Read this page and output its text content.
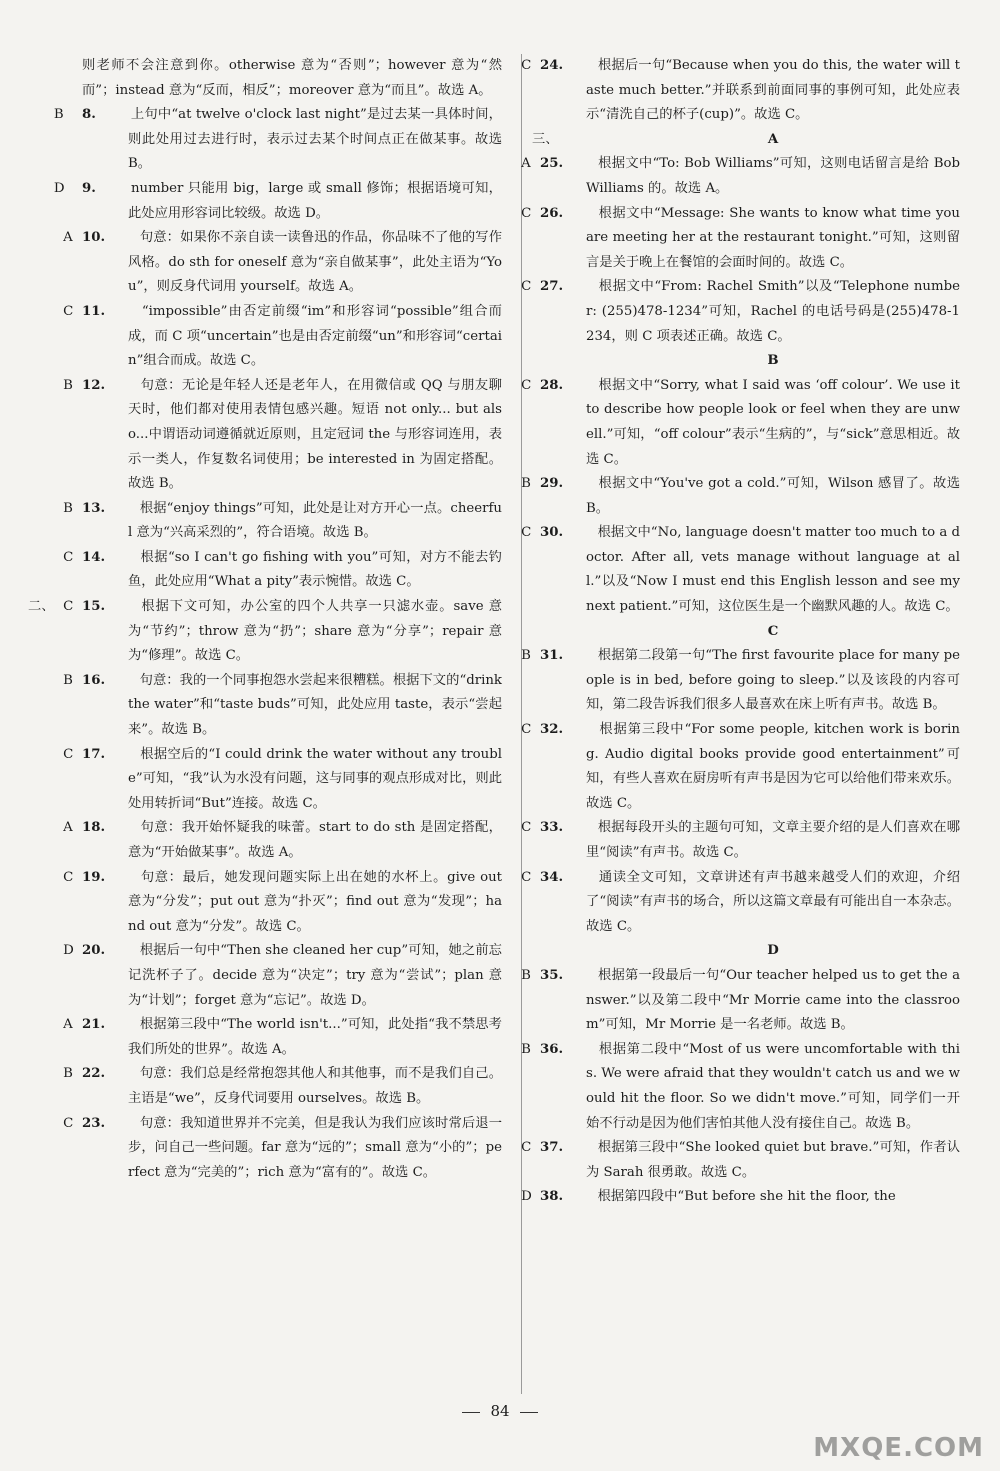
则老师不会注意到你。otherwise 意为“否则”；however 意为“然而”；instead 意为“反而，相反”；moreover 意为“而且”。故选 A。

8.B	上句中“at twelve o'clock last night”是过去某一具体时间，则此处用过去进行时，表示过去某个时间点正在做某事。故选 B。

9.D	number 只能用 big，large 或 small 修饰；根据语境可知，此处应用形容词比较级。故选 D。

10.A	句意：如果你不亲自读一读鲁迅的作品，你品味不了他的写作风格。do sth for oneself 意为“亲自做某事”，此处主语为“You”，则反身代词用 yourself。故选 A。

11.C	“impossible”由否定前缀“im”和形容词“possible”组合而成，而 C 项“uncertain”也是由否定前缀“un”和形容词“certain”组合而成。故选 C。

12.B	句意：无论是年轻人还是老年人，在用微信或 QQ 与朋友聊天时，他们都对使用表情包感兴趣。短语 not only... but also...中谓语动词遵循就近原则，且定冠词 the 与形容词连用，表示一类人，作复数名词使用；be interested in 为固定搭配。故选 B。

13.B	根据“enjoy things”可知，此处是让对方开心一点。cheerful 意为“兴高采烈的”，符合语境。故选 B。

14.C	根据“so I can't go fishing with you”可知，对方不能去钓鱼，此处应用“What a pity”表示惋惜。故选 C。

二、 15.C	根据下文可知，办公室的四个人共享一只滤水壶。save 意为“节约”；throw 意为“扔”；share 意为“分享”；repair 意为“修理”。故选 C。

16.B	句意：我的一个同事抱怨水尝起来很糟糕。根据下文的“drink the water”和“taste buds”可知，此处应用 taste，表示“尝起来”。故选 B。

17.C	根据空后的“I could drink the water without any trouble”可知，“我”认为水没有问题，这与同事的观点形成对比，则此处用转折词“But”连接。故选 C。

18.A	句意：我开始怀疑我的味蕾。start to do sth 是固定搭配，意为“开始做某事”。故选 A。

19.C	句意：最后，她发现问题实际上出在她的水杯上。give out 意为“分发”；put out 意为“扑灭”；find out 意为“发现”；hand out 意为“分发”。故选 C。

20.D	根据后一句中“Then she cleaned her cup”可知，她之前忘记洗杯子了。decide 意为“决定”；try 意为“尝试”；plan 意为“计划”；forget 意为“忘记”。故选 D。

21.A	根据第三段中“The world isn't...”可知，此处指“我不禁思考我们所处的世界”。故选 A。

22.B	句意：我们总是经常抱怨其他人和其他事，而不是我们自己。主语是“we”，反身代词要用 ourselves。故选 B。

23.C	句意：我知道世界并不完美，但是我认为我们应该时常后退一步，问自己一些问题。far 意为“远的”；small 意为“小的”；perfect 意为“完美的”；rich 意为“富有的”。故选 C。

24.C	根据后一句“Because when you do this, the water will taste much better.”并联系到前面同事的事例可知，此处应表示“清洗自己的杯子(cup)”。故选 C。

三、	A

25.A	根据文中“To: Bob Williams”可知，这则电话留言是给 Bob Williams 的。故选 A。

26.C	根据文中“Message: She wants to know what time you are meeting her at the restaurant tonight.”可知，这则留言是关于晚上在餐馆的会面时间的。故选 C。

27.C	根据文中“From: Rachel Smith”以及“Telephone number: (255)478-1234”可知，Rachel 的电话号码是(255)478-1234，则 C 项表述正确。故选 C。

B

28.C	根据文中“Sorry, what I said was ‘off colour’. We use it to describe how people look or feel when they are unwell.”可知，“off colour”表示“生病的”，与“sick”意思相近。故选 C。

29.B	根据文中“You've got a cold.”可知，Wilson 感冒了。故选 B。

30.C	根据文中“No, language doesn't matter too much to a doctor. After all, vets manage without language at all.”以及“Now I must end this English lesson and see my next patient.”可知，这位医生是一个幽默风趣的人。故选 C。

C

31.B	根据第二段第一句“The first favourite place for many people is in bed, before going to sleep.”以及该段的内容可知，第二段告诉我们很多人最喜欢在床上听有声书。故选 B。

32.C	根据第三段中“For some people, kitchen work is boring. Audio digital books provide good entertainment”可知，有些人喜欢在厨房听有声书是因为它可以给他们带来欢乐。故选 C。

33.C	根据每段开头的主题句可知，文章主要介绍的是人们喜欢在哪里“阅读”有声书。故选 C。

34.C	通读全文可知，文章讲述有声书越来越受人们的欢迎，介绍了“阅读”有声书的场合，所以这篇文章最有可能出自一本杂志。故选 C。

D

35.B	根据第一段最后一句“Our teacher helped us to get the answer.”以及第二段中“Mr Morrie came into the classroom”可知，Mr Morrie 是一名老师。故选 B。

36.B	根据第二段中“Most of us were uncomfortable with this. We were afraid that they wouldn't catch us and we would hit the floor. So we didn't move.”可知，同学们一开始不行动是因为他们害怕其他人没有接住自己。故选 B。

37.C	根据第三段中“She looked quiet but brave.”可知，作者认为 Sarah 很勇敢。故选 C。

38.D	根据第四段中“But before she hit the floor, the

84
MXQE.COM
